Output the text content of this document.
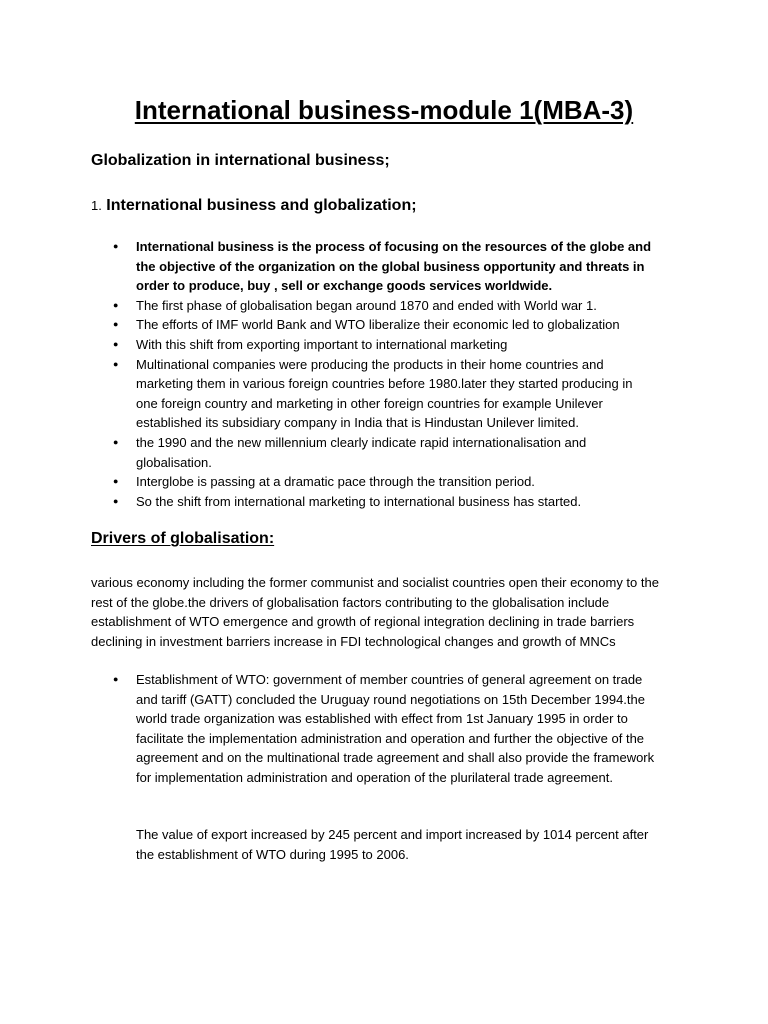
International business-module 1(MBA-3)
Globalization in international business;
1. International business and globalization;
● International business is the process of focusing on the resources of the globe and the objective of the organization on the global business opportunity and threats in order to produce, buy , sell or exchange goods services worldwide.
● The first phase of globalisation began around 1870 and ended with World war 1.
● The efforts of IMF world Bank and WTO liberalize their economic led to globalization
● With this shift from exporting important to international marketing
● Multinational companies were producing the products in their home countries and marketing them in various foreign countries before 1980.later they started producing in one foreign country and marketing in other foreign countries for example Unilever established its subsidiary company in India that is Hindustan Unilever limited.
● the 1990 and the new millennium clearly indicate rapid internationalisation and globalisation.
● Interglobe is passing at a dramatic pace through the transition period.
● So the shift from international marketing to international business has started.
Drivers of globalisation:

various economy including the former communist and socialist countries open their economy to the rest of the globe.the drivers of globalisation factors contributing to the globalisation include establishment of WTO emergence and growth of regional integration declining in trade barriers declining in investment barriers increase in FDI technological changes and growth of MNCs

● Establishment of WTO: government of member countries of general agreement on trade and tariff (GATT) concluded the Uruguay round negotiations on 15th December 1994.the world trade organization was established with effect from 1st January 1995 in order to facilitate the implementation administration and operation and further the objective of the agreement and on the multinational trade agreement and shall also provide the framework for implementation administration and operation of the plurilateral trade agreement.

The value of export increased by 245 percent and import increased by 1014 percent after the establishment of WTO during 1995 to 2006.
